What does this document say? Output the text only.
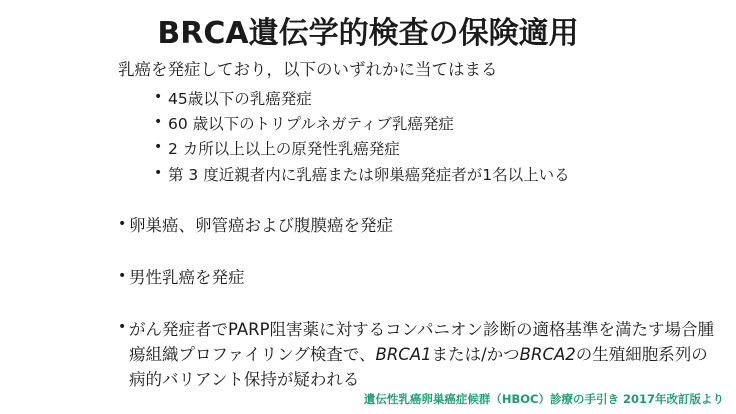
BRCA遺伝学的検査の保険適用

乳癌を発症しており，以下のいずれかに当てはまる

• 45歳以下の乳癌発症
• 60 歳以下のトリプルネガティブ乳癌発症
• 2 カ所以上以上の原発性乳癌発症
• 第 3 度近親者内に乳癌または卵巣癌発症者が1名以上いる

• 卵巣癌、卵管癌および腹膜癌を発症

• 男性乳癌を発症

• がん発症者でPARP阻害薬に対するコンパニオン診断の適格基準を満たす場合腫瘍組織プロファイリング検査で、BRCA1または/かつBRCA2の生殖細胞系列の病的バリアント保持が疑われる

遺伝性乳癌卵巣癌症候群（HBOC）診療の手引き 2017年改訂版より
